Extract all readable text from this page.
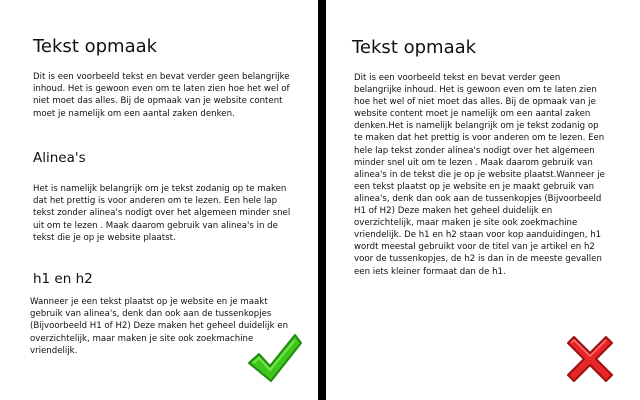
Tekst opmaak

Dit is een voorbeeld tekst en bevat verder geen belangrijke inhoud. Het is gewoon even om te laten zien hoe het wel of niet moet das alles. Bij de opmaak van je website content moet je namelijk om een aantal zaken denken.

Alinea's

Het is namelijk belangrijk om je tekst zodanig op te maken dat het prettig is voor anderen om te lezen. Een hele lap tekst zonder alinea's nodigt over het algemeen minder snel uit om te lezen . Maak daarom gebruik van alinea's in de tekst die je op je website plaatst.

h1 en h2

Wanneer je een tekst plaatst op je website en je maakt gebruik van alinea's, denk dan ook aan de tussenkopjes (Bijvoorbeeld H1 of H2) Deze maken het geheel duidelijk en overzichtelijk, maar maken je site ook zoekmachine vriendelijk.

Tekst opmaak

Dit is een voorbeeld tekst en bevat verder geen belangrijke inhoud. Het is gewoon even om te laten zien hoe het wel of niet moet das alles. Bij de opmaak van je website content moet je namelijk om een aantal zaken denken.Het is namelijk belangrijk om je tekst zodanig op te maken dat het prettig is voor anderen om te lezen. Een hele lap tekst zonder alinea's nodigt over het algemeen minder snel uit om te lezen . Maak daarom gebruik van alinea's in de tekst die je op je website plaatst.Wanneer je een tekst plaatst op je website en je maakt gebruik van alinea's, denk dan ook aan de tussenkopjes (Bijvoorbeeld H1 of H2) Deze maken het geheel duidelijk en overzichtelijk, maar maken je site ook zoekmachine vriendelijk. De h1 en h2 staan voor kop aanduidingen, h1 wordt meestal gebruikt voor de titel van je artikel en h2 voor de tussenkopjes, de h2 is dan in de meeste gevallen een iets kleiner formaat dan de h1.
